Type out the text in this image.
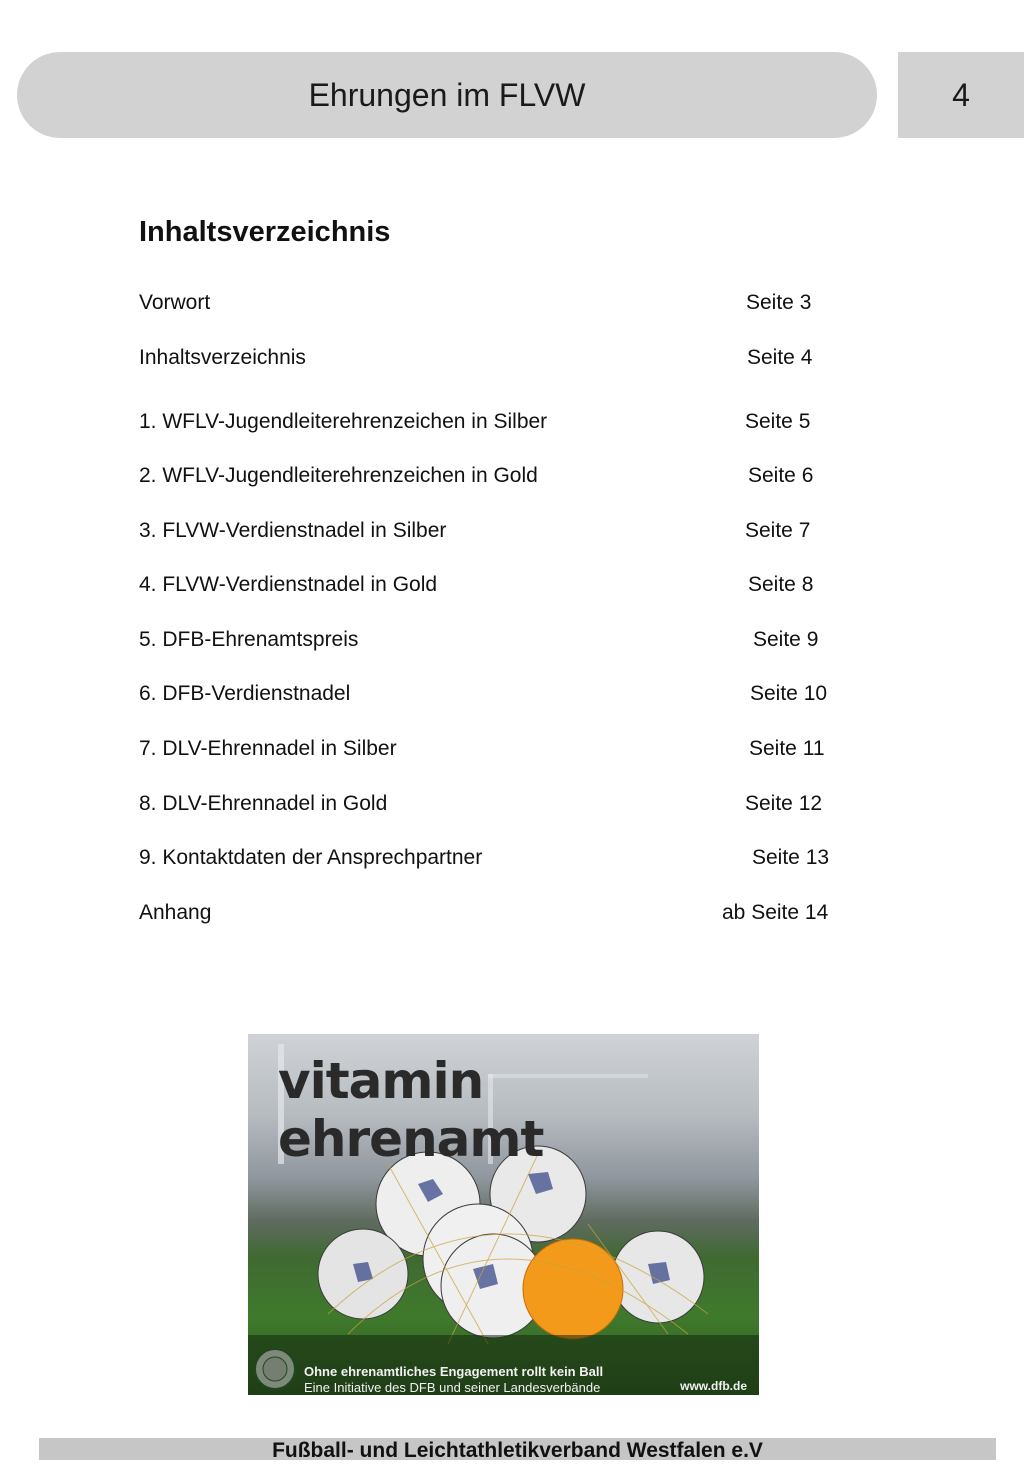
Ehrungen im FLVW	4
Inhaltsverzeichnis
Vorwort	Seite 3
Inhaltsverzeichnis	Seite 4
1. WFLV-Jugendleiterehrenzeichen in Silber	Seite 5
2. WFLV-Jugendleiterehrenzeichen in Gold	Seite 6
3. FLVW-Verdienstnadel in Silber	Seite 7
4. FLVW-Verdienstnadel in Gold	Seite 8
5. DFB-Ehrenamtspreis	Seite 9
6. DFB-Verdienstnadel	Seite 10
7. DLV-Ehrennadel in Silber	Seite 11
8. DLV-Ehrennadel in Gold	Seite 12
9. Kontaktdaten der Ansprechpartner	Seite 13
Anhang	ab Seite 14
vitamin ehrenamt
Ohne ehrenamtliches Engagement rollt kein Ball
Eine Initiative des DFB und seiner Landesverbände	www.dfb.de
Fußball- und Leichtathletikverband Westfalen e.V
